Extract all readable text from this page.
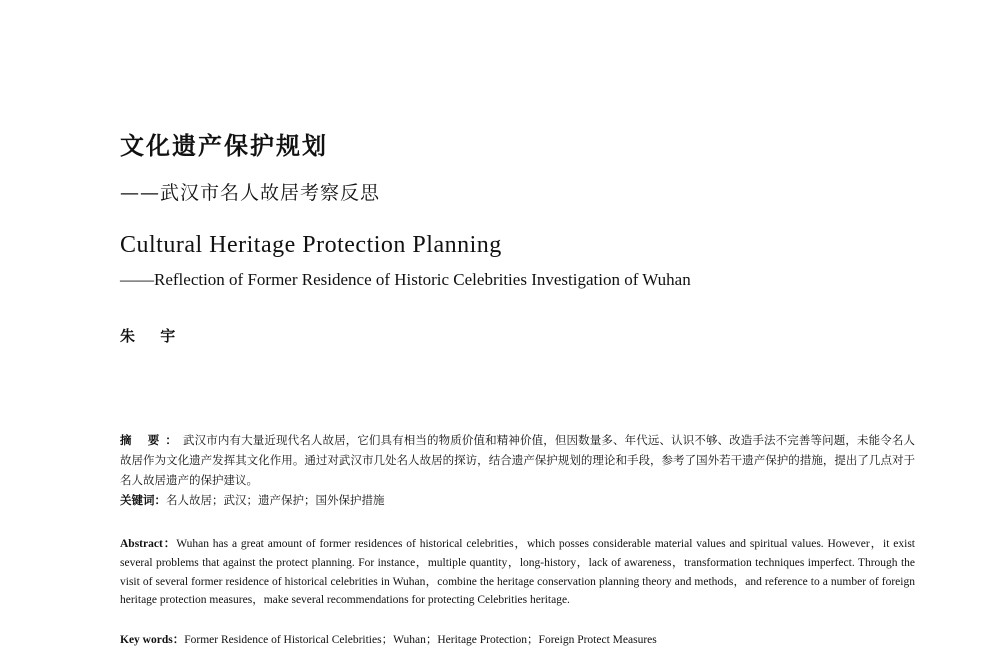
文化遗产保护规划
——武汉市名人故居考察反思
Cultural Heritage Protection Planning
——Reflection of Former Residence of Historic Celebrities Investigation of Wuhan
朱 宇
摘 要：武汉市内有大量近现代名人故居，它们具有相当的物质价值和精神价值，但因数量多、年代远、认识不够、改造手法不完善等问题，未能令名人故居作为文化遗产发挥其文化作用。通过对武汉市几处名人故居的探访，结合遗产保护规划的理论和手段，参考了国外若干遗产保护的措施，提出了几点对于名人故居遗产的保护建议。
关键词：名人故居；武汉；遗产保护；国外保护措施
Abstract：Wuhan has a great amount of former residences of historical celebrities，which posses considerable material values and spiritual values. However，it exist several problems that against the protect planning. For instance，multiple quantity，long-history，lack of awareness，transformation techniques imperfect. Through the visit of several former residence of historical celebrities in Wuhan，combine the heritage conservation planning theory and methods，and reference to a number of foreign heritage protection measures，make several recommendations for protecting Celebrities heritage.
Key words：Former Residence of Historical Celebrities；Wuhan；Heritage Protection；Foreign Protect Measures
